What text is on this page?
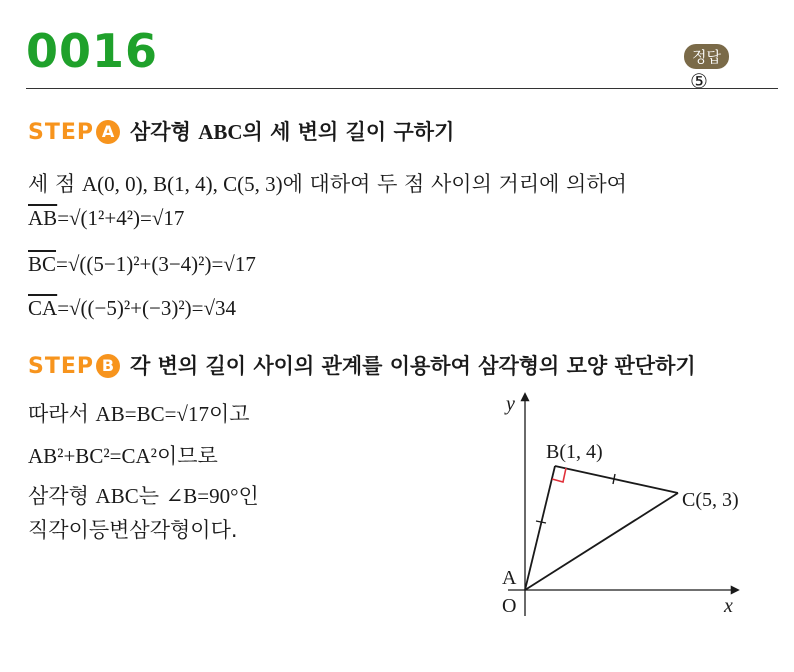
0016	정답⑤
STEP A 삼각형 ABC의 세 변의 길이 구하기
세 점 A(0, 0), B(1, 4), C(5, 3)에 대하여 두 점 사이의 거리에 의하여
$\overline{AB}=√(1^2+4^2)=√17$
$\overline{BC}=√((5-1)^2+(3-4)^2)=√17$
$\overline{CA}=√((-5)^2+(-3)^2)=√34$
STEP B 각 변의 길이 사이의 관계를 이용하여 삼각형의 모양 판단하기
따라서 AB=BC=√17이고
AB²+BC²=CA²이므로
삼각형 ABC는 ∠B=90°인
직각이등변삼각형이다.
y
x
O
A
B(1, 4)
C(5, 3)
